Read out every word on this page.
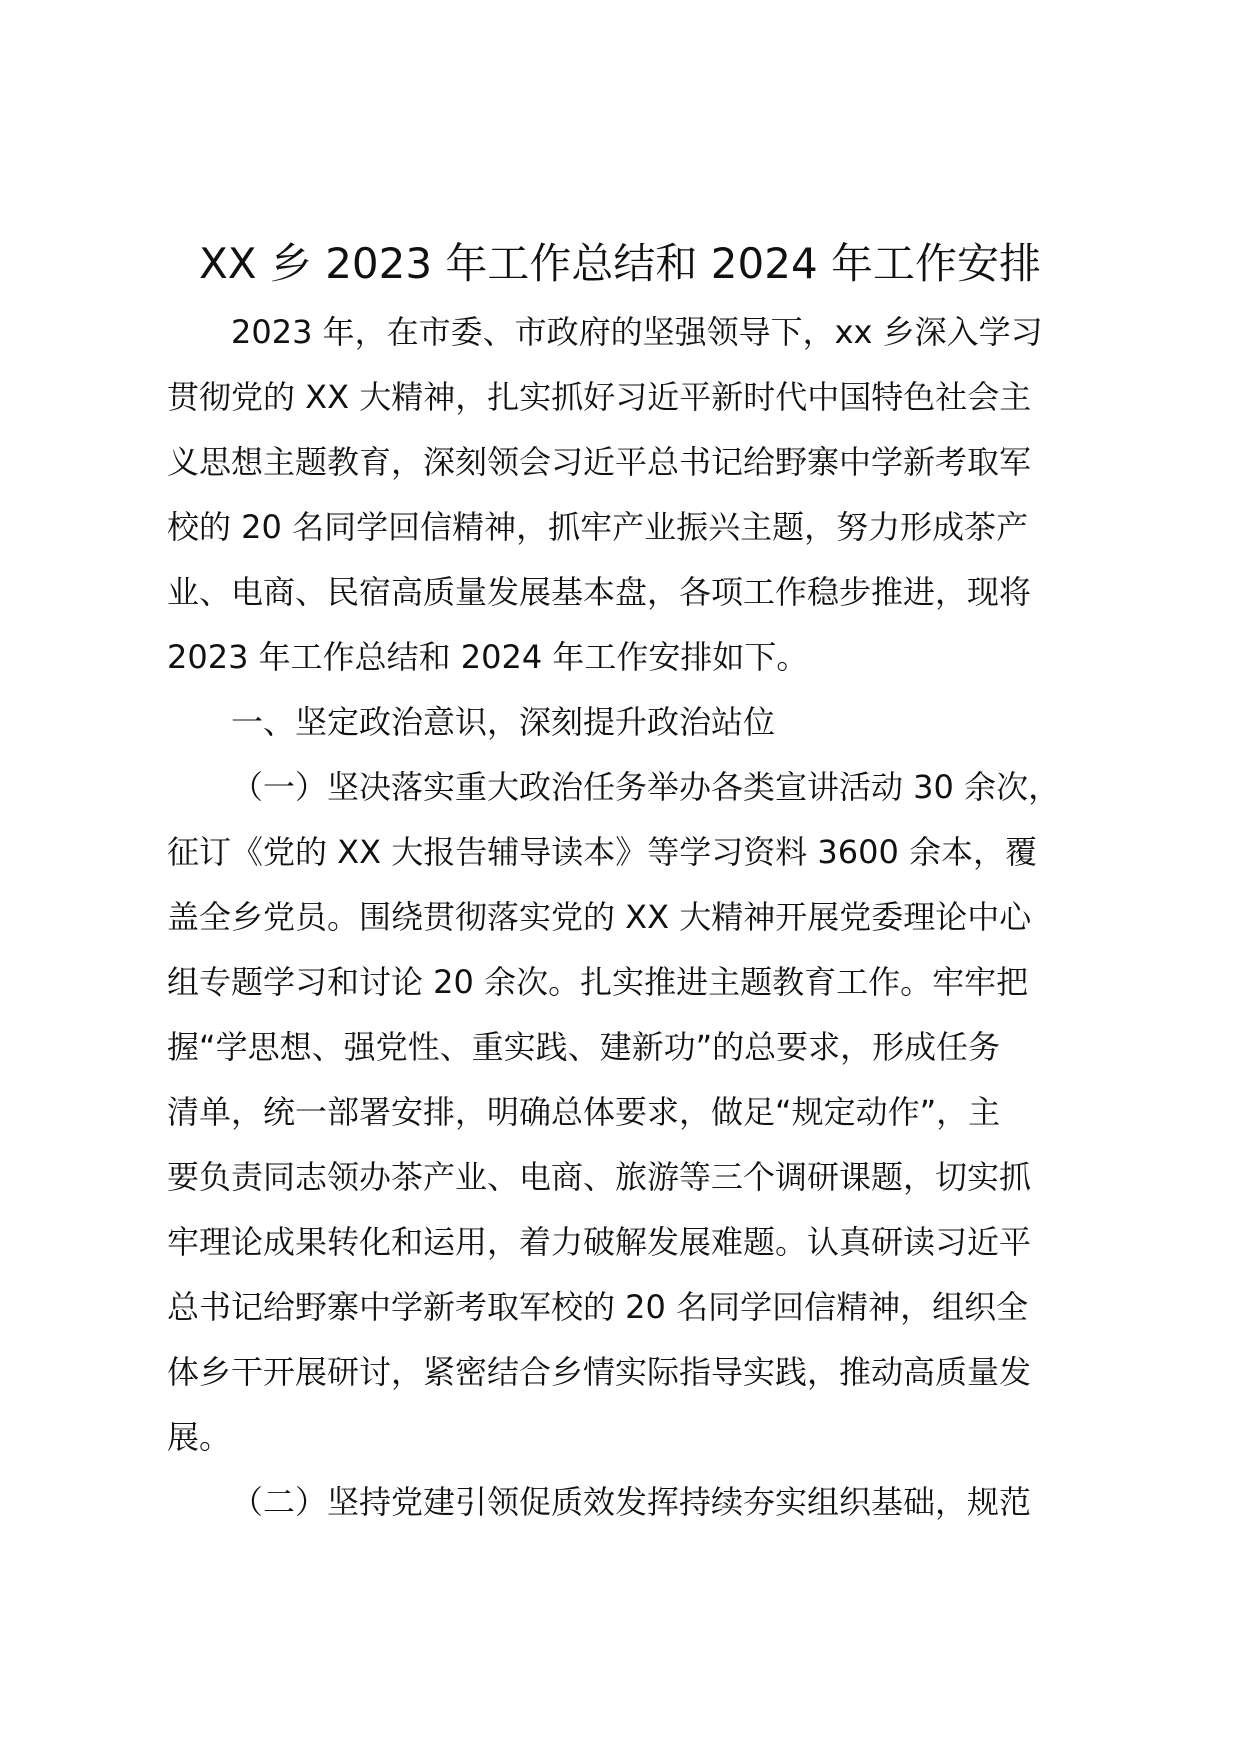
XX 乡 2023 年工作总结和 2024 年工作安排
2023 年，在市委、市政府的坚强领导下，xx 乡深入学习
贯彻党的 XX 大精神，扎实抓好习近平新时代中国特色社会主
义思想主题教育，深刻领会习近平总书记给野寨中学新考取军
校的 20 名同学回信精神，抓牢产业振兴主题，努力形成茶产
业、电商、民宿高质量发展基本盘，各项工作稳步推进，现将
2023 年工作总结和 2024 年工作安排如下。
一、坚定政治意识，深刻提升政治站位
（一）坚决落实重大政治任务举办各类宣讲活动 30 余次，
征订《党的 XX 大报告辅导读本》等学习资料 3600 余本，覆
盖全乡党员。围绕贯彻落实党的 XX 大精神开展党委理论中心
组专题学习和讨论 20 余次。扎实推进主题教育工作。牢牢把
握“学思想、强党性、重实践、建新功”的总要求，形成任务
清单，统一部署安排，明确总体要求，做足“规定动作”，主
要负责同志领办茶产业、电商、旅游等三个调研课题，切实抓
牢理论成果转化和运用，着力破解发展难题。认真研读习近平
总书记给野寨中学新考取军校的 20 名同学回信精神，组织全
体乡干开展研讨，紧密结合乡情实际指导实践，推动高质量发
展。
（二）坚持党建引领促质效发挥持续夯实组织基础，规范
